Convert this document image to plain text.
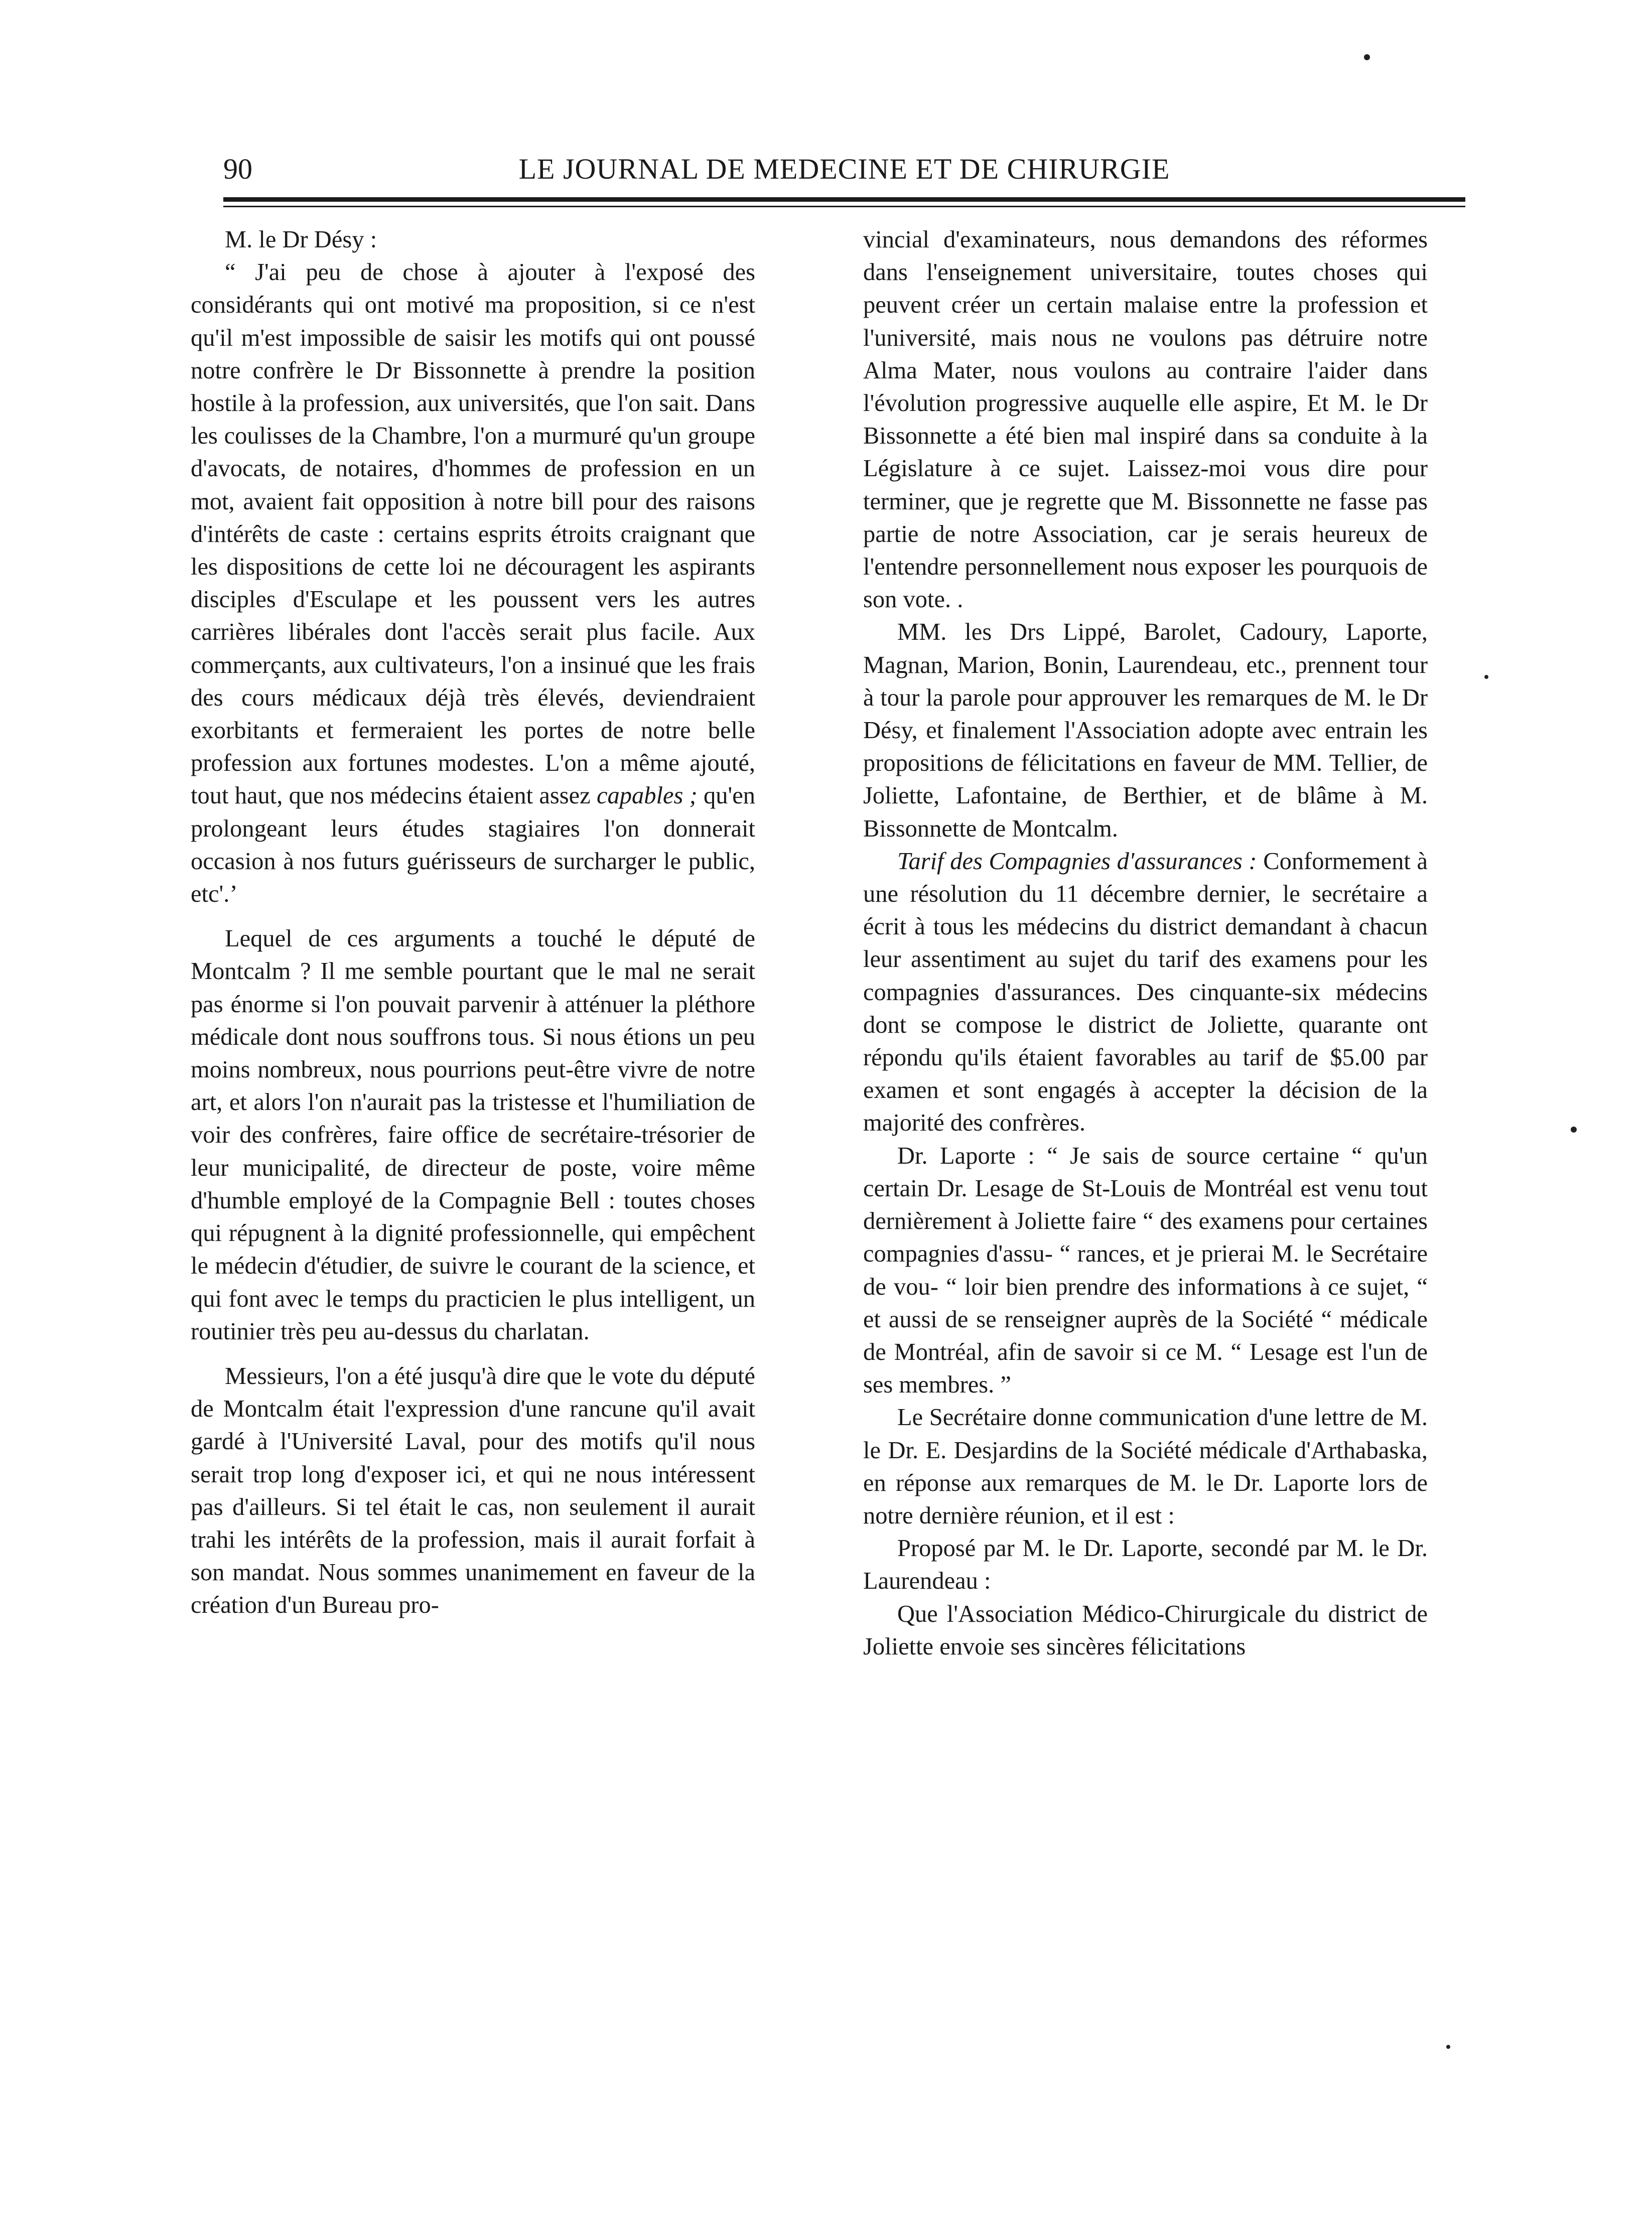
90	LE JOURNAL DE MEDECINE ET DE CHIRURGIE

M. le Dr Désy :

“ J'ai peu de chose à ajouter à l'exposé des considérants qui ont motivé ma proposition, si ce n'est qu'il m'est impossible de saisir les motifs qui ont poussé notre confrère le Dr Bissonnette à prendre la position hostile à la profession, aux universités, que l'on sait. Dans les coulisses de la Chambre, l'on a murmuré qu'un groupe d'avocats, de notaires, d'hommes de profession en un mot, avaient fait opposition à notre bill pour des raisons d'intérêts de caste : certains esprits étroits craignant que les dispositions de cette loi ne découragent les aspirants disciples d'Esculape et les poussent vers les autres carrières libérales dont l'accès serait plus facile. Aux commerçants, aux cultivateurs, l'on a insinué que les frais des cours médicaux déjà très élevés, deviendraient exorbitants et fermeraient les portes de notre belle profession aux fortunes modestes. L'on a même ajouté, tout haut, que nos médecins étaient assez capables ; qu'en prolongeant leurs études stagiaires l'on donnerait occasion à nos futurs guérisseurs de surcharger le public, etc'.’

Lequel de ces arguments a touché le député de Montcalm ? Il me semble pourtant que le mal ne serait pas énorme si l'on pouvait parvenir à atténuer la pléthore médicale dont nous souffrons tous. Si nous étions un peu moins nombreux, nous pourrions peut-être vivre de notre art, et alors l'on n'aurait pas la tristesse et l'humiliation de voir des confrères, faire office de secrétaire-trésorier de leur municipalité, de directeur de poste, voire même d'humble employé de la Compagnie Bell : toutes choses qui répugnent à la dignité professionnelle, qui empêchent le médecin d'étudier, de suivre le courant de la science, et qui font avec le temps du practicien le plus intelligent, un routinier très peu au-dessus du charlatan.

Messieurs, l'on a été jusqu'à dire que le vote du député de Montcalm était l'expression d'une rancune qu'il avait gardé à l'Université Laval, pour des motifs qu'il nous serait trop long d'exposer ici, et qui ne nous intéressent pas d'ailleurs. Si tel était le cas, non seulement il aurait trahi les intérêts de la profession, mais il aurait forfait à son mandat. Nous sommes unanimement en faveur de la création d'un Bureau pro-

vincial d'examinateurs, nous demandons des réformes dans l'enseignement universitaire, toutes choses qui peuvent créer un certain malaise entre la profession et l'université, mais nous ne voulons pas détruire notre Alma Mater, nous voulons au contraire l'aider dans l'évolution progressive auquelle elle aspire, Et M. le Dr Bissonnette a été bien mal inspiré dans sa conduite à la Législature à ce sujet. Laissez-moi vous dire pour terminer, que je regrette que M. Bissonnette ne fasse pas partie de notre Association, car je serais heureux de l'entendre personnellement nous exposer les pourquois de son vote. .

MM. les Drs Lippé, Barolet, Cadoury, Laporte, Magnan, Marion, Bonin, Laurendeau, etc., prennent tour à tour la parole pour approuver les remarques de M. le Dr Désy, et finalement l'Association adopte avec entrain les propositions de félicitations en faveur de MM. Tellier, de Joliette, Lafontaine, de Berthier, et de blâme à M. Bissonnette de Montcalm.

Tarif des Compagnies d'assurances : Conformement à une résolution du 11 décembre dernier, le secrétaire a écrit à tous les médecins du district demandant à chacun leur assentiment au sujet du tarif des examens pour les compagnies d'assurances. Des cinquante-six médecins dont se compose le district de Joliette, quarante ont répondu qu'ils étaient favorables au tarif de $5.00 par examen et sont engagés à accepter la décision de la majorité des confrères.

Dr. Laporte : “ Je sais de source certaine “ qu'un certain Dr. Lesage de St-Louis de Montréal est venu tout dernièrement à Joliette faire “ des examens pour certaines compagnies d'assu- “ rances, et je prierai M. le Secrétaire de vou- “ loir bien prendre des informations à ce sujet, “ et aussi de se renseigner auprès de la Société “ médicale de Montréal, afin de savoir si ce M. “ Lesage est l'un de ses membres. ”

Le Secrétaire donne communication d'une lettre de M. le Dr. E. Desjardins de la Société médicale d'Arthabaska, en réponse aux remarques de M. le Dr. Laporte lors de notre dernière réunion, et il est :

Proposé par M. le Dr. Laporte, secondé par M. le Dr. Laurendeau :

Que l'Association Médico-Chirurgicale du district de Joliette envoie ses sincères félicitations
